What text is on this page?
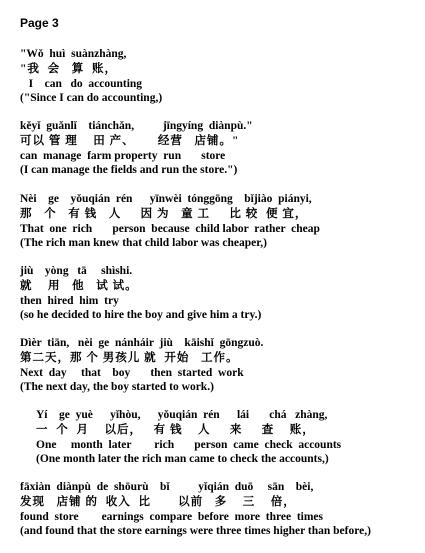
Page 3
"Wǒ  huì  suànzhàng,
"我  会   算  账，
I    can   do  accounting
("Since I can do accounting,)
kěyǐ  guǎnlǐ    tiánchǎn,          jīngyíng  diànpù."
可以 管 理    田 产、      经营   店铺。"
can  manage  farm property  run       store
(I can manage the fields and run the store.")
Nèi    ge    yǒuqián  rén      yīnwèi  tónggōng    bǐjiào  piányi,
那   个   有 钱   人     因 为   童 工     比 较  便 宜，
That  one  rich       person  because  child labor  rather  cheap
(The rich man knew that child labor was cheaper,)
jiù    yòng   tā     shìshi.
就    用   他   试 试。
then  hired  him  try
(so he decided to hire the boy and give him a try.)
Dìèr  tiān,   nèi  ge  nánháir  jiù    kāishǐ  gōngzuò.
第二天，那 个 男孩儿 就  开始   工作。
Next  day     that    boy       then  started  work
(The next day, the boy started to work.)
Yí    ge  yuè      yǐhòu,      yǒuqián  rén      lái       chá   zhàng,
一  个  月    以后，   有 钱    人     来     查    账，
One     month  later        rich       person  came  check  accounts
(One month later the rich man came to check the accounts,)
fāxiàn  diànpù  de  shōurù    bǐ          yǐqián  duō     sān    bèi,
发现   店铺 的  收入  比       以前   多    三    倍，
found  store        earnings  compare  before  more  three  times
(and found that the store earnings were three times higher than before,)
